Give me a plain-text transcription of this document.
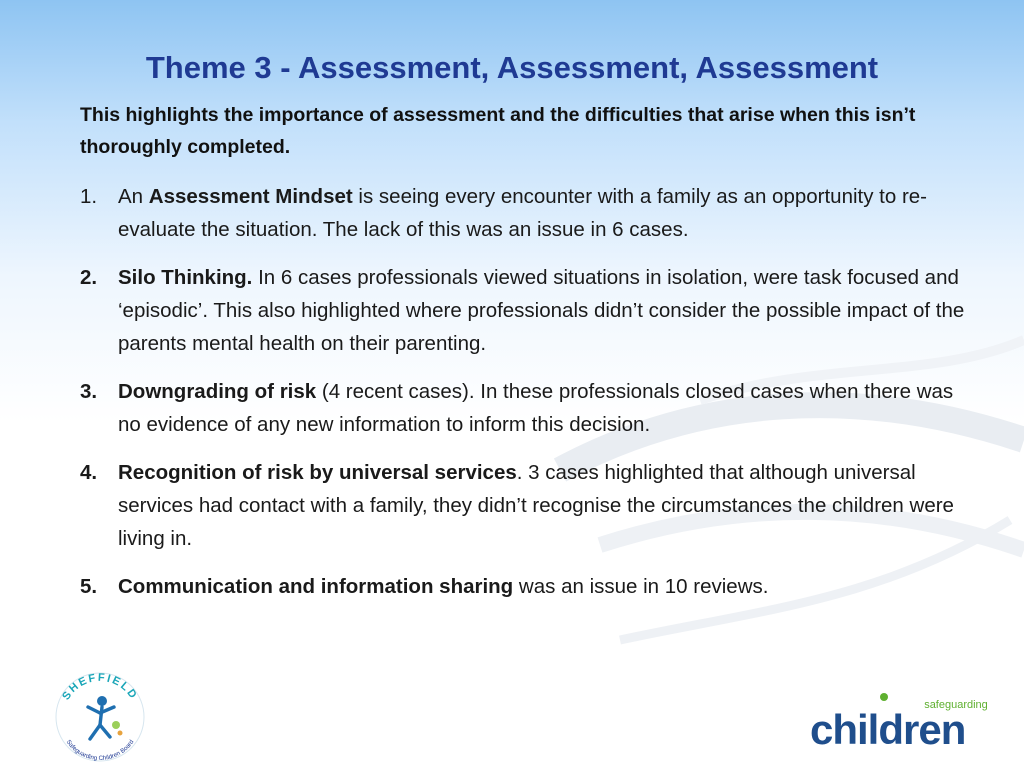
Theme 3 - Assessment, Assessment, Assessment

This highlights the importance of assessment and the difficulties that arise when this isn’t thoroughly completed.

1. An Assessment Mindset is seeing every encounter with a family as an opportunity to re-evaluate the situation. The lack of this was an issue in 6 cases.
2. Silo Thinking. In 6 cases professionals viewed situations in isolation, were task focused and ‘episodic’. This also highlighted where professionals didn’t consider the possible impact of the parents mental health on their parenting.
3. Downgrading of risk (4 recent cases). In these professionals closed cases when there was no evidence of any new information to inform this decision.
4. Recognition of risk by universal services. 3 cases highlighted that although universal services had contact with a family, they didn’t recognise the circumstances the children were living in.
5. Communication and information sharing was an issue in 10 reviews.
SHEFFIELD
Safeguarding Children Board
safeguarding
children
